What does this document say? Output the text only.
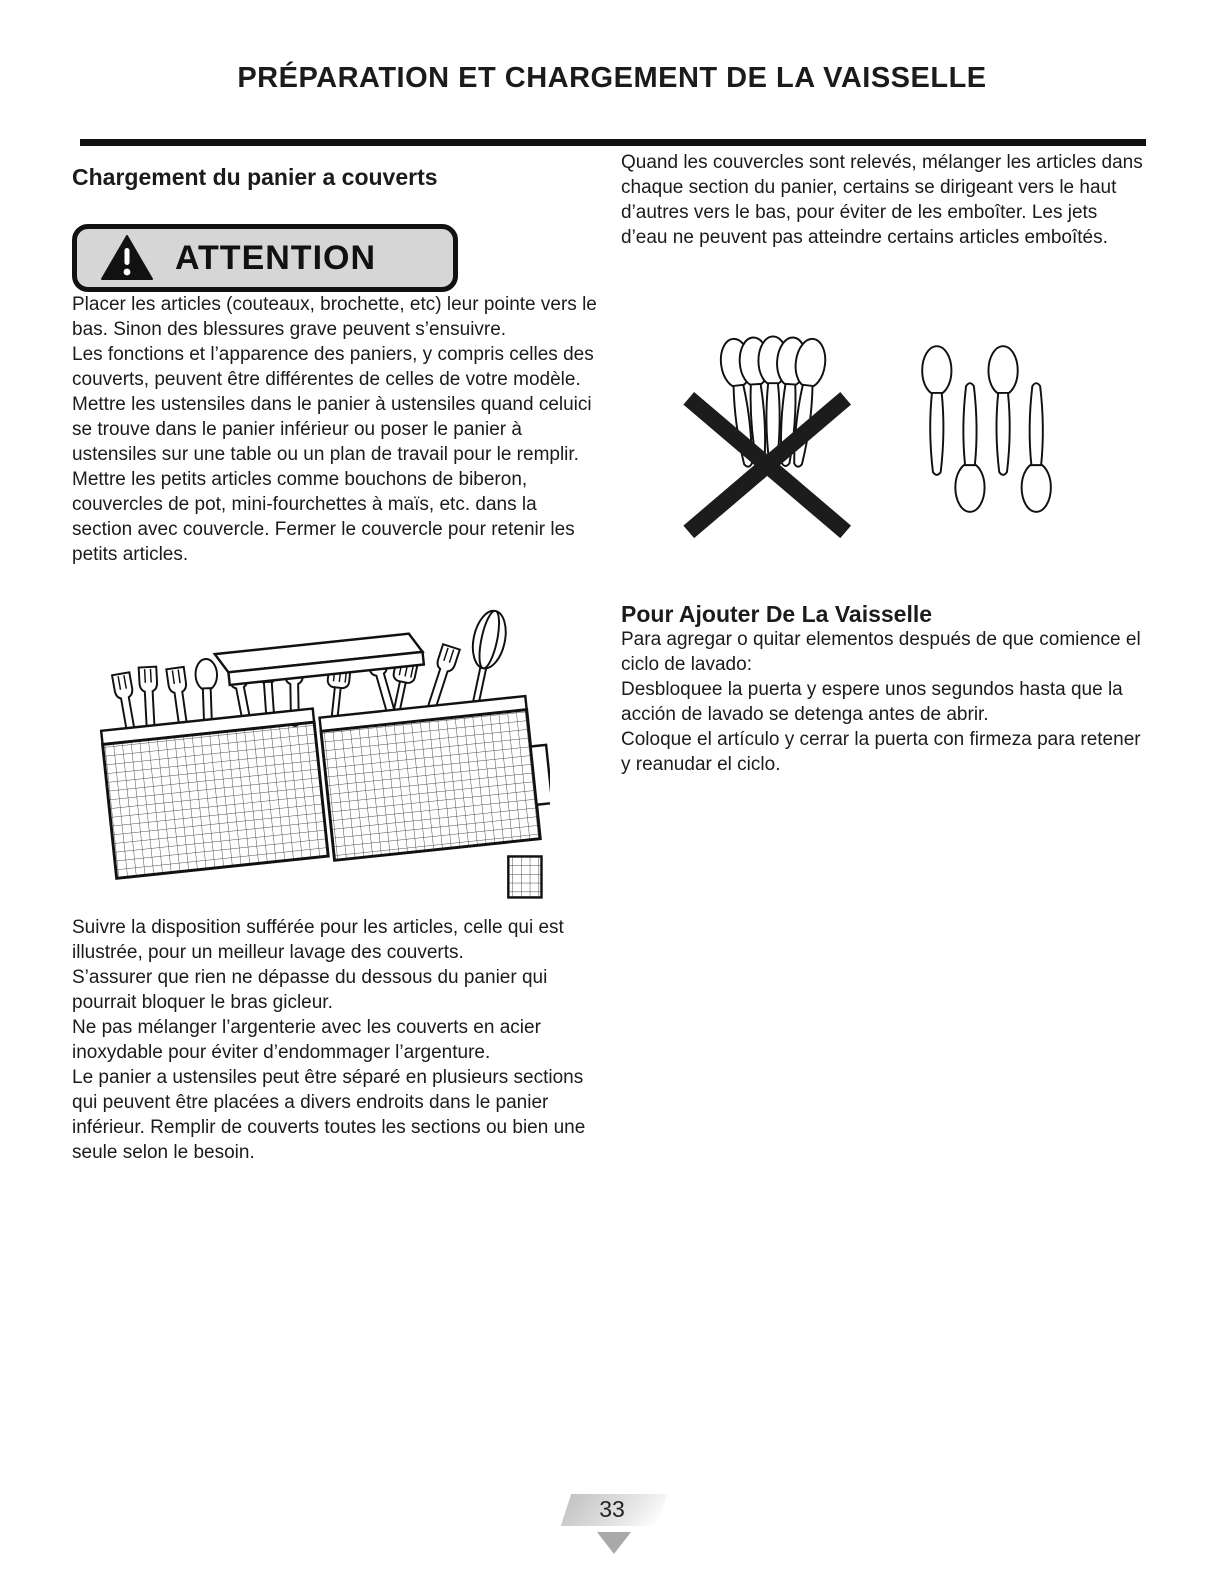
PRÉPARATION ET CHARGEMENT DE LA VAISSELLE
Chargement du panier a couverts
ATTENTION

Placer les articles (couteaux, brochette, etc) leur pointe vers le bas. Sinon des blessures grave peuvent s’ensuivre.

Les fonctions et l’apparence des paniers, y compris celles des couverts, peuvent être différentes de celles de votre modèle.

Mettre les ustensiles dans le panier à ustensiles quand celuici se trouve dans le panier inférieur ou poser le panier à ustensiles sur une table ou un plan de travail pour le remplir.

Mettre les petits articles comme bouchons de biberon, couvercles de pot, mini-fourchettes à maïs, etc. dans la section avec couvercle. Fermer le couvercle pour retenir les petits articles.

Suivre la disposition sufférée pour les articles, celle qui est illustrée, pour un meilleur lavage des couverts.

S’assurer que rien ne dépasse du dessous du panier qui pourrait bloquer le bras gicleur.

Ne pas mélanger l’argenterie avec les couverts en acier inoxydable pour éviter d’endommager l’argenture.

Le panier a ustensiles peut être séparé en plusieurs sections qui peuvent être placées a divers endroits dans le panier inférieur. Remplir de couverts toutes les sections ou bien une seule selon le besoin.

Quand les couvercles sont relevés, mélanger les articles dans chaque section du panier, certains se dirigeant vers le haut d’autres vers le bas, pour éviter de les emboîter. Les jets d’eau ne peuvent pas atteindre certains articles emboîtés.

Pour Ajouter De La Vaisselle

Para agregar o quitar elementos después de que comience el ciclo de lavado:

Desbloquee la puerta y espere unos segundos hasta que la acción de lavado se detenga antes de abrir.

Coloque el artículo y cerrar la puerta con firmeza para retener y reanudar el ciclo.

33
